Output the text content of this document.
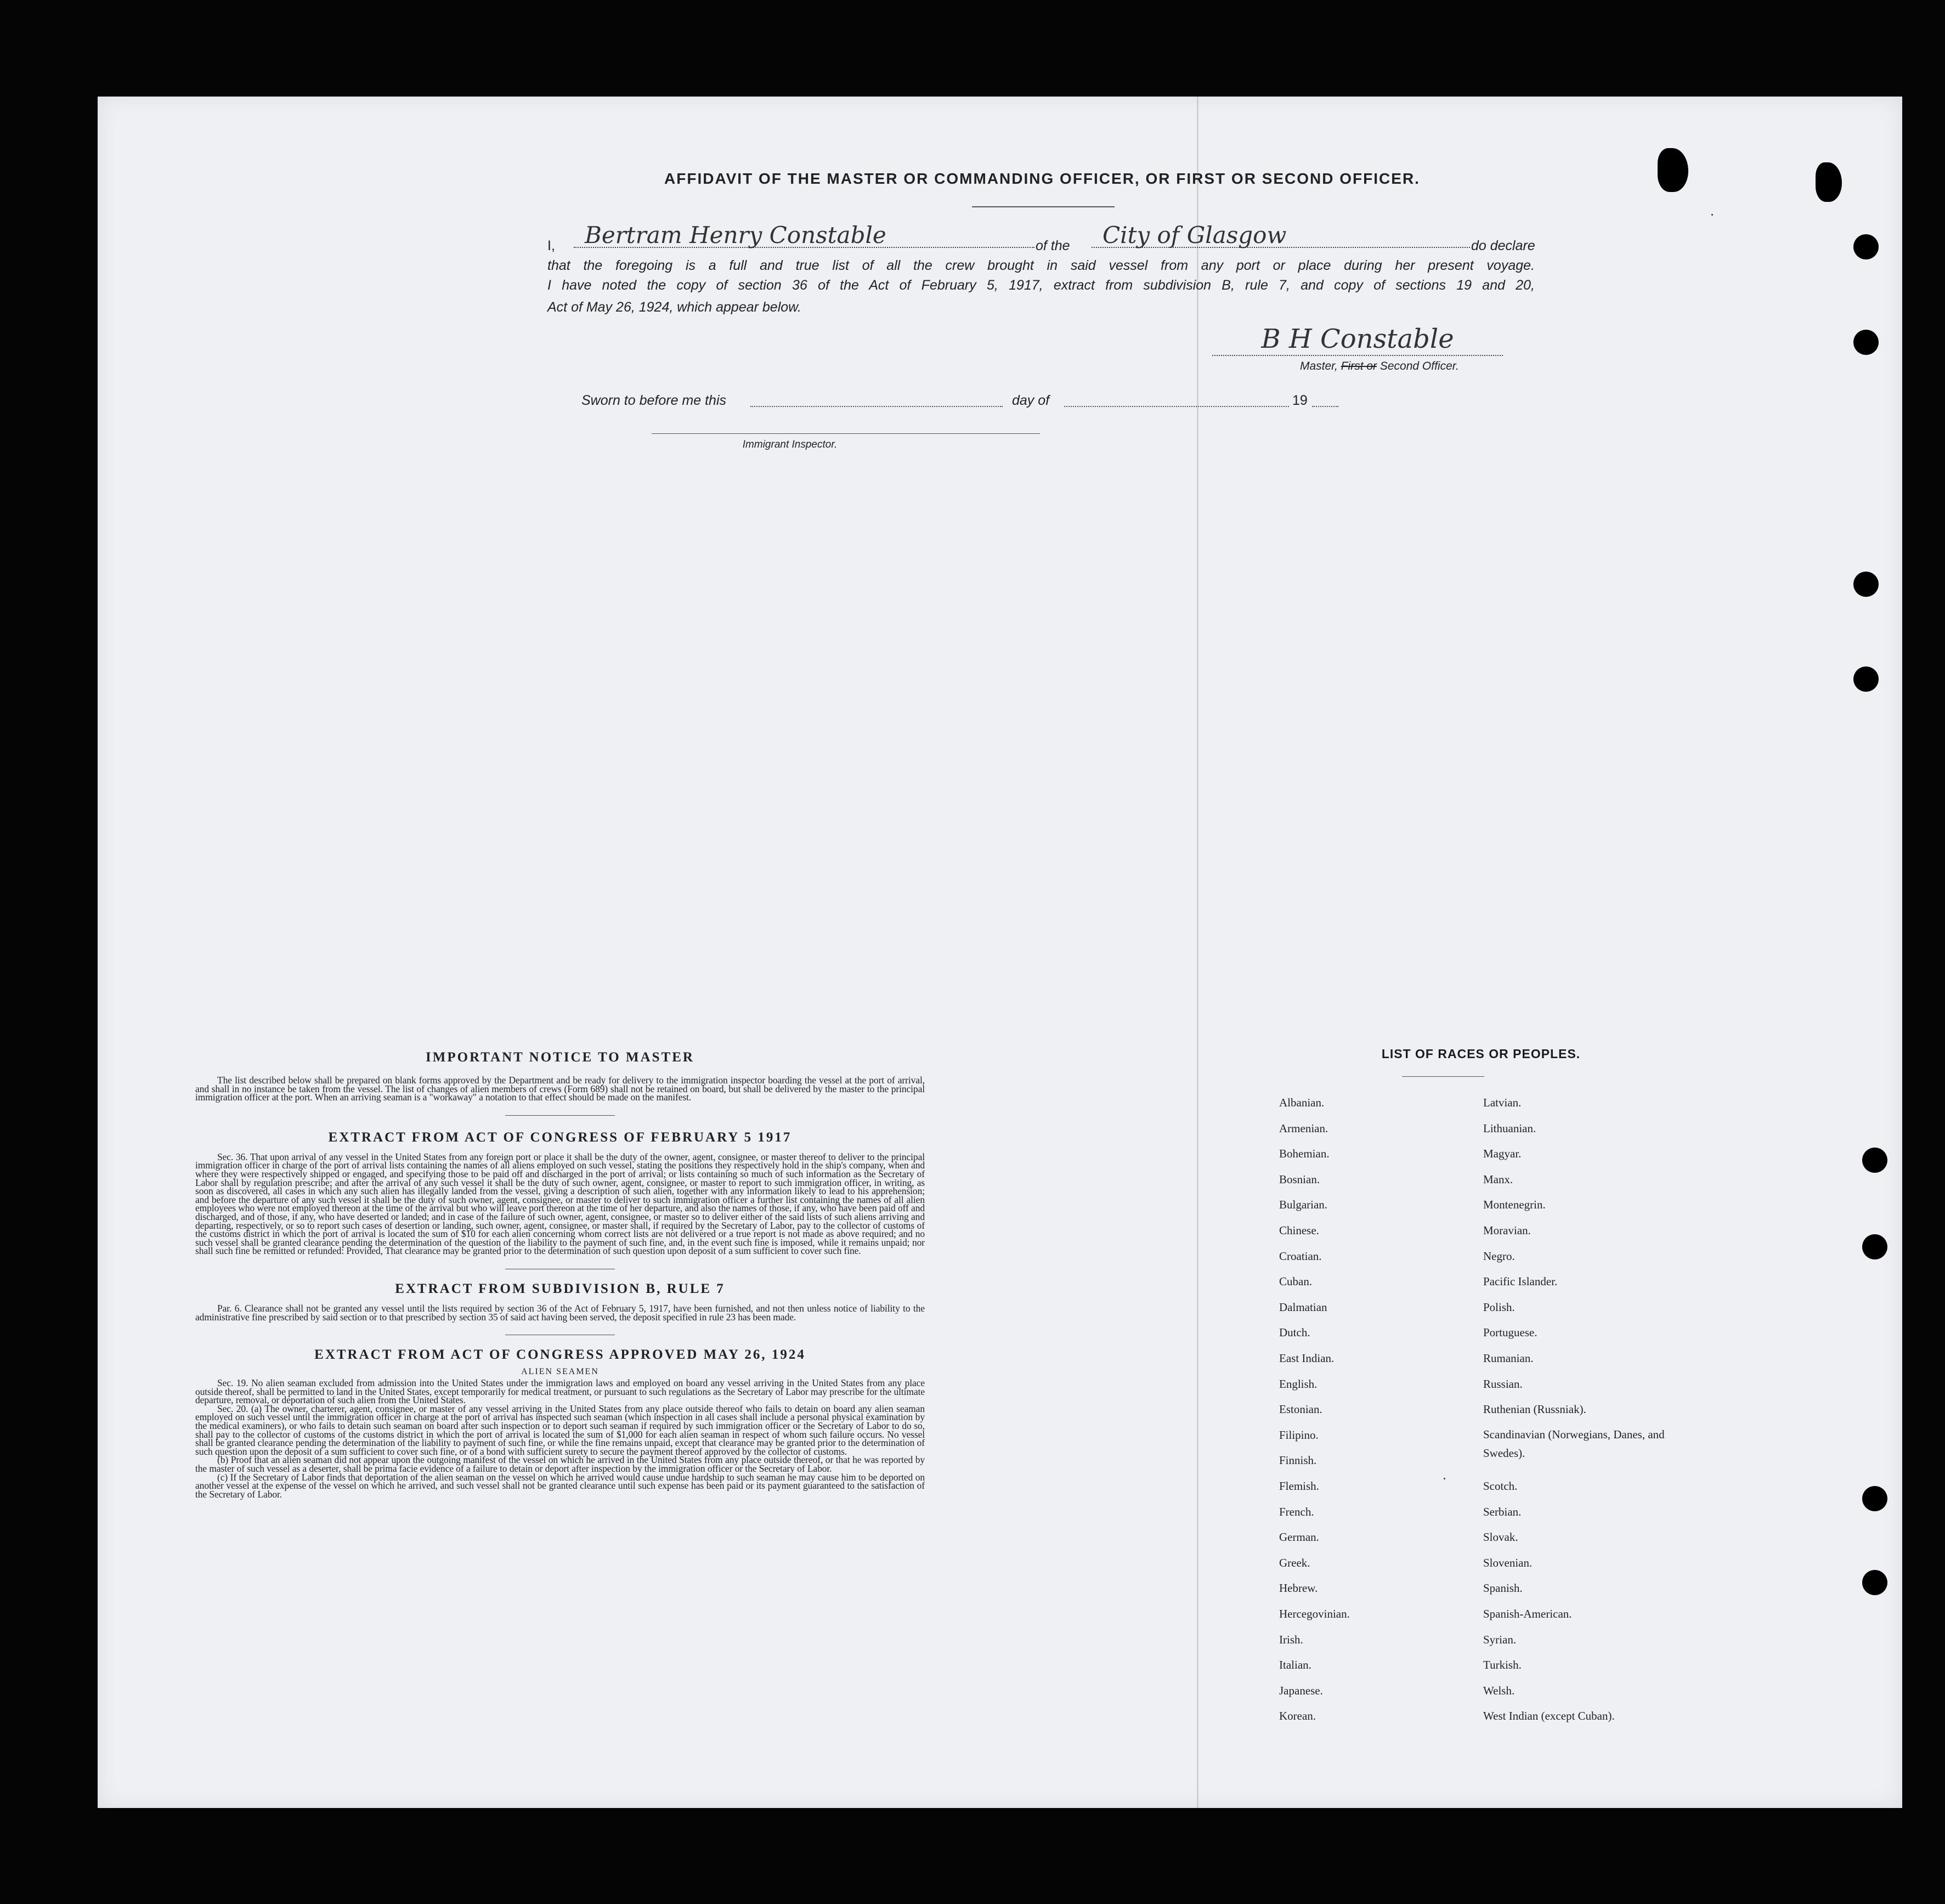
AFFIDAVIT OF THE MASTER OR COMMANDING OFFICER, OR FIRST OR SECOND OFFICER.
I,	Bertram Henry Constable	of the	City of Glasgow	do declare
that the foregoing is a full and true list of all the crew brought in said vessel from any port or place during her present voyage.
I have noted the copy of section 36 of the Act of February 5, 1917, extract from subdivision B, rule 7, and copy of sections 19 and 20,
Act of May 26, 1924, which appear below.
B H Constable
Master, First or Second Officer.
Sworn to before me this	day of	19
Immigrant Inspector.
IMPORTANT NOTICE TO MASTER

The list described below shall be prepared on blank forms approved by the Department and be ready for delivery to the immigration inspector boarding the vessel at the port of arrival, and shall in no instance be taken from the vessel. The list of changes of alien members of crews (Form 689) shall not be retained on board, but shall be delivered by the master to the principal immigration officer at the port. When an arriving seaman is a "workaway" a notation to that effect should be made on the manifest.

EXTRACT FROM ACT OF CONGRESS OF FEBRUARY 5 1917

Sec. 36. That upon arrival of any vessel in the United States from any foreign port or place it shall be the duty of the owner, agent, consignee, or master thereof to deliver to the principal immigration officer in charge of the port of arrival lists containing the names of all aliens employed on such vessel, stating the positions they respectively hold in the ship's company, when and where they were respectively shipped or engaged, and specifying those to be paid off and discharged in the port of arrival; or lists containing so much of such information as the Secretary of Labor shall by regulation prescribe; and after the arrival of any such vessel it shall be the duty of such owner, agent, consignee, or master to report to such immigration officer, in writing, as soon as discovered, all cases in which any such alien has illegally landed from the vessel, giving a description of such alien, together with any information likely to lead to his apprehension; and before the departure of any such vessel it shall be the duty of such owner, agent, consignee, or master to deliver to such immigration officer a further list containing the names of all alien employees who were not employed thereon at the time of the arrival but who will leave port thereon at the time of her departure, and also the names of those, if any, who have been paid off and discharged, and of those, if any, who have deserted or landed; and in case of the failure of such owner, agent, consignee, or master so to deliver either of the said lists of such aliens arriving and departing, respectively, or so to report such cases of desertion or landing, such owner, agent, consignee, or master shall, if required by the Secretary of Labor, pay to the collector of customs of the customs district in which the port of arrival is located the sum of $10 for each alien concerning whom correct lists are not delivered or a true report is not made as above required; and no such vessel shall be granted clearance pending the determination of the question of the liability to the payment of such fine, and, in the event such fine is imposed, while it remains unpaid; nor shall such fine be remitted or refunded: Provided, That clearance may be granted prior to the determination of such question upon deposit of a sum sufficient to cover such fine.

EXTRACT FROM SUBDIVISION B, RULE 7

Par. 6. Clearance shall not be granted any vessel until the lists required by section 36 of the Act of February 5, 1917, have been furnished, and not then unless notice of liability to the administrative fine prescribed by said section or to that prescribed by section 35 of said act having been served, the deposit specified in rule 23 has been made.

EXTRACT FROM ACT OF CONGRESS APPROVED MAY 26, 1924
ALIEN SEAMEN

Sec. 19. No alien seaman excluded from admission into the United States under the immigration laws and employed on board any vessel arriving in the United States from any place outside thereof, shall be permitted to land in the United States, except temporarily for medical treatment, or pursuant to such regulations as the Secretary of Labor may prescribe for the ultimate departure, removal, or deportation of such alien from the United States.

Sec. 20. (a) The owner, charterer, agent, consignee, or master of any vessel arriving in the United States from any place outside thereof who fails to detain on board any alien seaman employed on such vessel until the immigration officer in charge at the port of arrival has inspected such seaman (which inspection in all cases shall include a personal physical examination by the medical examiners), or who fails to detain such seaman on board after such inspection or to deport such seaman if required by such immigration officer or the Secretary of Labor to do so, shall pay to the collector of customs of the customs district in which the port of arrival is located the sum of $1,000 for each alien seaman in respect of whom such failure occurs. No vessel shall be granted clearance pending the determination of the liability to payment of such fine, or while the fine remains unpaid, except that clearance may be granted prior to the determination of such question upon the deposit of a sum sufficient to cover such fine, or of a bond with sufficient surety to secure the payment thereof approved by the collector of customs.

(b) Proof that an alien seaman did not appear upon the outgoing manifest of the vessel on which he arrived in the United States from any place outside thereof, or that he was reported by the master of such vessel as a deserter, shall be prima facie evidence of a failure to detain or deport after inspection by the immigration officer or the Secretary of Labor.

(c) If the Secretary of Labor finds that deportation of the alien seaman on the vessel on which he arrived would cause undue hardship to such seaman he may cause him to be deported on another vessel at the expense of the vessel on which he arrived, and such vessel shall not be granted clearance until such expense has been paid or its payment guaranteed to the satisfaction of the Secretary of Labor.

LIST OF RACES OR PEOPLES.
Albanian.
Armenian.
Bohemian.
Bosnian.
Bulgarian.
Chinese.
Croatian.
Cuban.
Dalmatian
Dutch.
East Indian.
English.
Estonian.
Filipino.
Finnish.
Flemish.
French.
German.
Greek.
Hebrew.
Hercegovinian.
Irish.
Italian.
Japanese.
Korean.
Latvian.
Lithuanian.
Magyar.
Manx.
Montenegrin.
Moravian.
Negro.
Pacific Islander.
Polish.
Portuguese.
Rumanian.
Russian.
Ruthenian (Russniak).
Scandinavian (Norwegians, Danes, and Swedes).
Scotch.
Serbian.
Slovak.
Slovenian.
Spanish.
Spanish-American.
Syrian.
Turkish.
Welsh.
West Indian (except Cuban).
